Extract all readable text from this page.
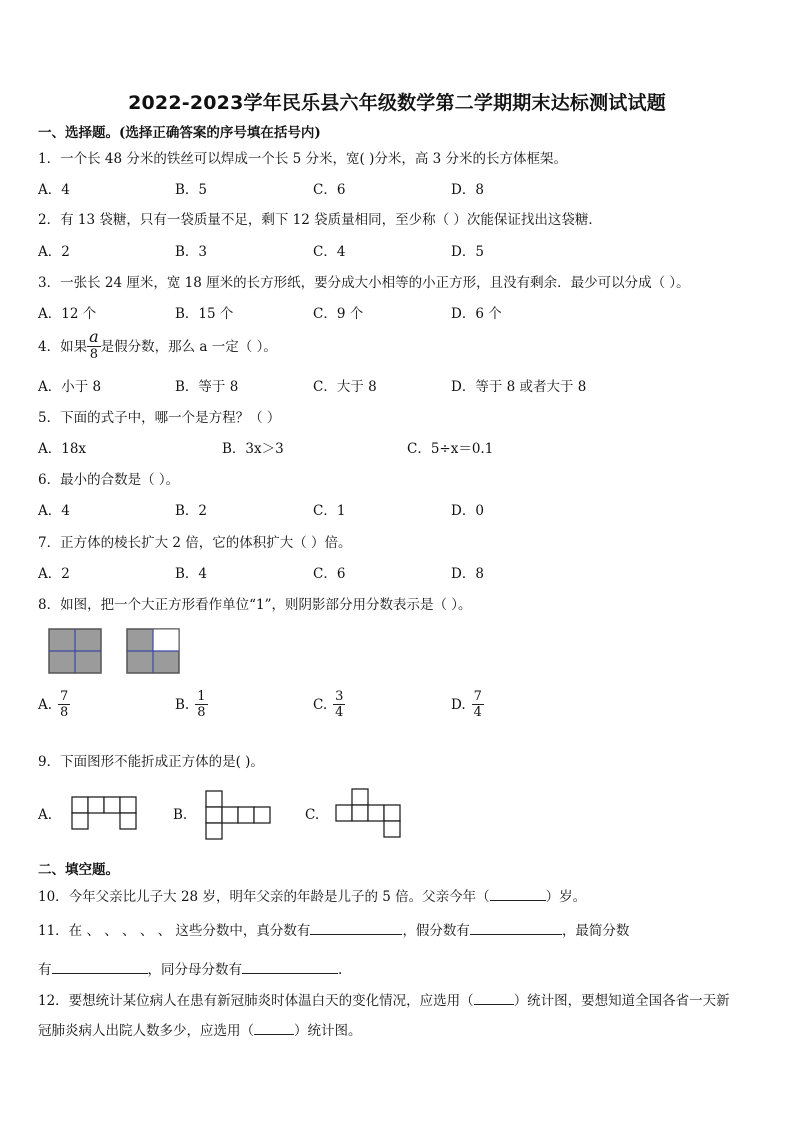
2022-2023学年民乐县六年级数学第二学期期末达标测试试题
一、选择题。(选择正确答案的序号填在括号内)
1．一个长 48 分米的铁丝可以焊成一个长 5 分米，宽( )分米，高 3 分米的长方体框架。
A．4	B．5	C．6	D．8
2．有 13 袋糖，只有一袋质量不足，剩下 12 袋质量相同，至少称（ ）次能保证找出这袋糖．
A．2	B．3	C．4	D．5
3．一张长 24 厘米，宽 18 厘米的长方形纸，要分成大小相等的小正方形，且没有剩余．最少可以分成（ ）。
A．12 个	B．15 个	C．9 个	D．6 个
4．如果 $\frac{a}{8}$ 是假分数，那么 a 一定（ ）。
A．小于 8	B．等于 8	C．大于 8	D．等于 8 或者大于 8
5．下面的式子中，哪一个是方程？（ ）
A．18x	B．3x＞3	C．5÷x＝0.1
6．最小的合数是（ ）。
A．4	B．2	C．1	D．0
7．正方体的棱长扩大 2 倍，它的体积扩大（ ）倍。
A．2	B．4	C．6	D．8
8．如图，把一个大正方形看作单位“1”，则阴影部分用分数表示是（ ）。
A. $\frac{7}{8}$	B. $\frac{1}{8}$	C. $\frac{3}{4}$	D. $\frac{7}{4}$
9．下面图形不能折成正方体的是( )。
A.	B.	C.
二、填空题。
10．今年父亲比儿子大 28 岁，明年父亲的年龄是儿子的 5 倍。父亲今年（	）岁。
11．在 、 、 、 、 、 这些分数中，真分数有	，假分数有	，最简分数
有	，同分母分数有	.
12．要想统计某位病人在患有新冠肺炎时体温白天的变化情况，应选用（	）统计图，要想知道全国各省一天新
冠肺炎病人出院人数多少，应选用（	）统计图。
